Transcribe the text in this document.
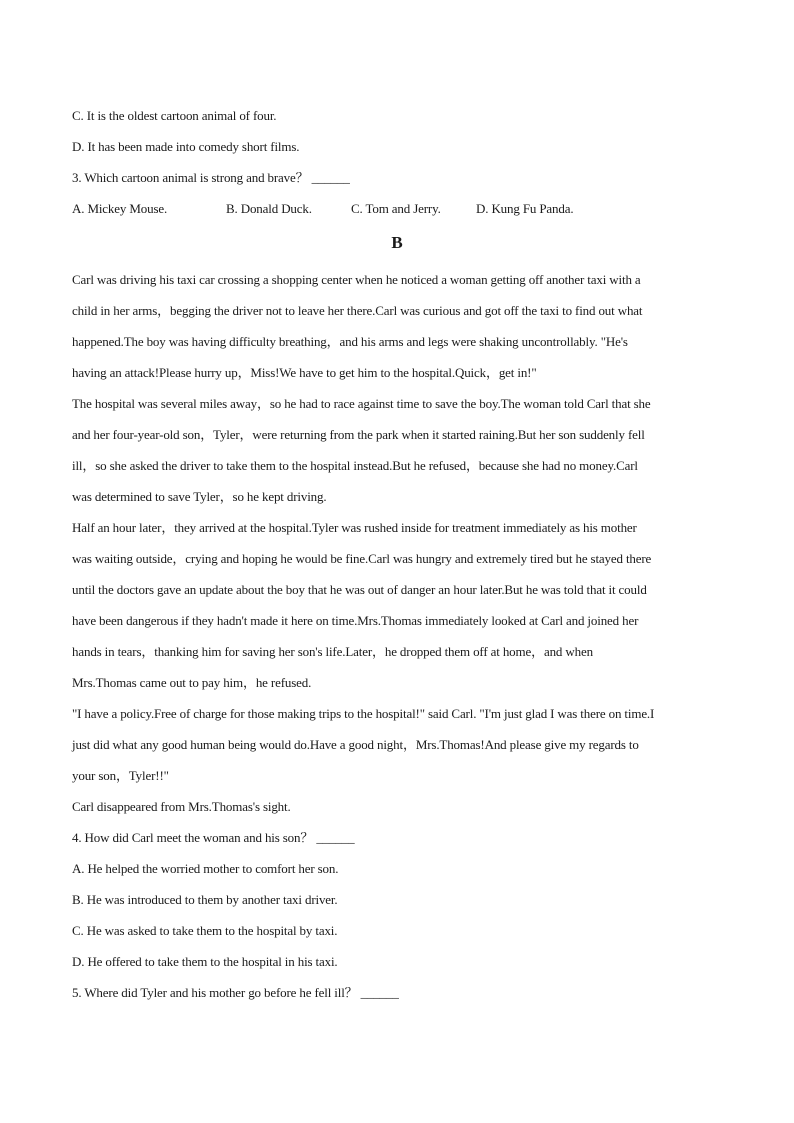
C. It is the oldest cartoon animal of four.
D. It has been made into comedy short films.
3. Which cartoon animal is strong and brave？ ______
A. Mickey Mouse.	B. Donald Duck.	C. Tom and Jerry.	D. Kung Fu Panda.
B
Carl was driving his taxi car crossing a shopping center when he noticed a woman getting off another taxi with a
child in her arms，begging the driver not to leave her there.Carl was curious and got off the taxi to find out what
happened.The boy was having difficulty breathing，and his arms and legs were shaking uncontrollably. "He's
having an attack!Please hurry up，Miss!We have to get him to the hospital.Quick，get in!"
The hospital was several miles away，so he had to race against time to save the boy.The woman told Carl that she
and her four-year-old son，Tyler，were returning from the park when it started raining.But her son suddenly fell
ill，so she asked the driver to take them to the hospital instead.But he refused，because she had no money.Carl
was determined to save Tyler，so he kept driving.
Half an hour later，they arrived at the hospital.Tyler was rushed inside for treatment immediately as his mother
was waiting outside，crying and hoping he would be fine.Carl was hungry and extremely tired but he stayed there
until the doctors gave an update about the boy that he was out of danger an hour later.But he was told that it could
have been dangerous if they hadn't made it here on time.Mrs.Thomas immediately looked at Carl and joined her
hands in tears，thanking him for saving her son's life.Later，he dropped them off at home，and when
Mrs.Thomas came out to pay him，he refused.
"I have a policy.Free of charge for those making trips to the hospital!" said Carl. "I'm just glad I was there on time.I
just did what any good human being would do.Have a good night，Mrs.Thomas!And please give my regards to
your son，Tyler!!"
Carl disappeared from Mrs.Thomas's sight.
4. How did Carl meet the woman and his son？ ______
A. He helped the worried mother to comfort her son.
B. He was introduced to them by another taxi driver.
C. He was asked to take them to the hospital by taxi.
D. He offered to take them to the hospital in his taxi.
5. Where did Tyler and his mother go before he fell ill？ ______
